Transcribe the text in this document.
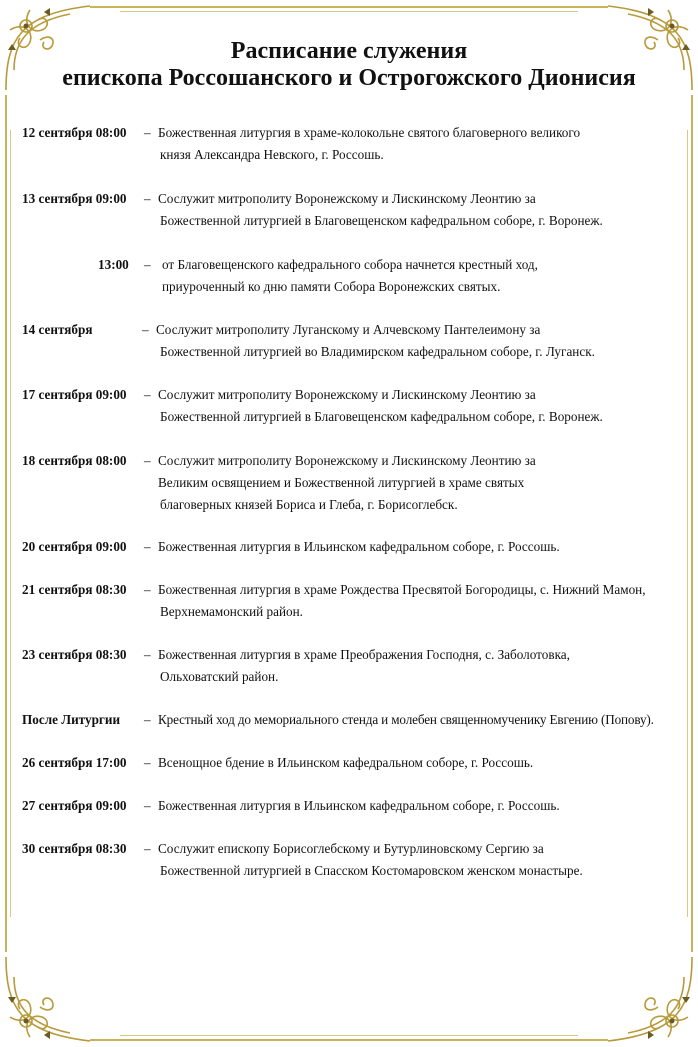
Расписание служения
епископа Россошанского и Острогожского Дионисия
12 сентября 08:00 – Божественная литургия в храме-колокольне святого благоверного великого
князя Александра Невского, г. Россошь.
13 сентября 09:00 – Сослужит митрополиту Воронежскому и Лискинскому Леонтию за
Божественной литургией в Благовещенском кафедральном соборе, г. Воронеж.
13:00 – от Благовещенского кафедрального собора начнется крестный ход,
приуроченный ко дню памяти Собора Воронежских святых.
14 сентября	– Сослужит митрополиту Луганскому и Алчевскому Пантелеимону за
Божественной литургией во Владимирском кафедральном соборе, г. Луганск.
17 сентября 09:00 – Сослужит митрополиту Воронежскому и Лискинскому Леонтию за
Божественной литургией в Благовещенском кафедральном соборе, г. Воронеж.
18 сентября 08:00 – Сослужит митрополиту Воронежскому и Лискинскому Леонтию за
Великим освящением и Божественной литургией в храме святых
благоверных князей Бориса и Глеба, г. Борисоглебск.
20 сентября 09:00 – Божественная литургия в Ильинском кафедральном соборе, г. Россошь.
21 сентября 08:30 – Божественная литургия в храме Рождества Пресвятой Богородицы, с. Нижний Мамон,
Верхнемамонский район.
23 сентября 08:30 – Божественная литургия в храме Преображения Господня, с. Заболотовка,
Ольховатский район.
После Литургии – Крестный ход до мемориального стенда и молебен священномученику Евгению (Попову).
26 сентября 17:00 – Всенощное бдение в Ильинском кафедральном соборе, г. Россошь.
27 сентября 09:00 – Божественная литургия в Ильинском кафедральном соборе, г. Россошь.
30 сентября 08:30 – Сослужит епископу Борисоглебскому и Бутурлиновскому Сергию за
Божественной литургией в Спасском Костомаровском женском монастыре.
